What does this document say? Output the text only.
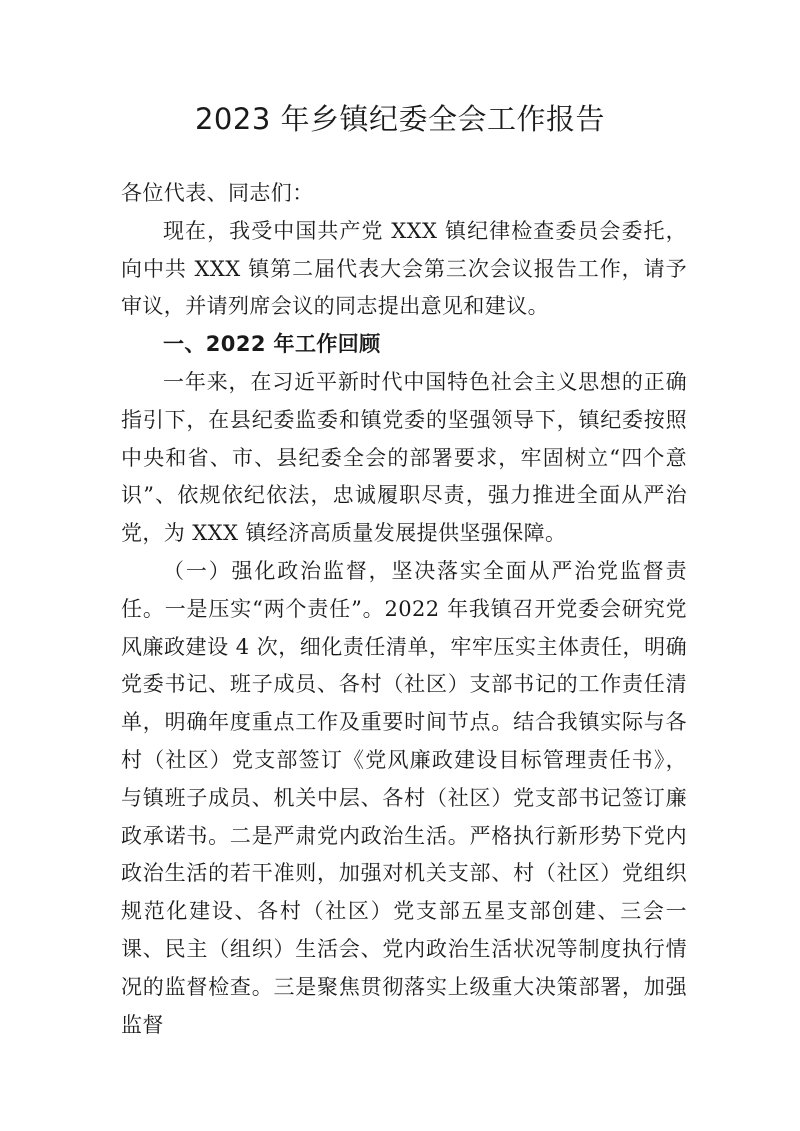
2023 年乡镇纪委全会工作报告

各位代表、同志们：

现在，我受中国共产党 XXX 镇纪律检查委员会委托，向中共 XXX 镇第二届代表大会第三次会议报告工作，请予审议，并请列席会议的同志提出意见和建议。

一、2022 年工作回顾

一年来，在习近平新时代中国特色社会主义思想的正确指引下，在县纪委监委和镇党委的坚强领导下，镇纪委按照中央和省、市、县纪委全会的部署要求，牢固树立“四个意识”、依规依纪依法，忠诚履职尽责，强力推进全面从严治党，为 XXX 镇经济高质量发展提供坚强保障。

（一）强化政治监督，坚决落实全面从严治党监督责任。一是压实“两个责任”。2022 年我镇召开党委会研究党风廉政建设 4 次，细化责任清单，牢牢压实主体责任，明确党委书记、班子成员、各村（社区）支部书记的工作责任清单，明确年度重点工作及重要时间节点。结合我镇实际与各村（社区）党支部签订《党风廉政建设目标管理责任书》，与镇班子成员、机关中层、各村（社区）党支部书记签订廉政承诺书。二是严肃党内政治生活。严格执行新形势下党内政治生活的若干准则，加强对机关支部、村（社区）党组织规范化建设、各村（社区）党支部五星支部创建、三会一课、民主（组织）生活会、党内政治生活状况等制度执行情况的监督检查。三是聚焦贯彻落实上级重大决策部署，加强监督
